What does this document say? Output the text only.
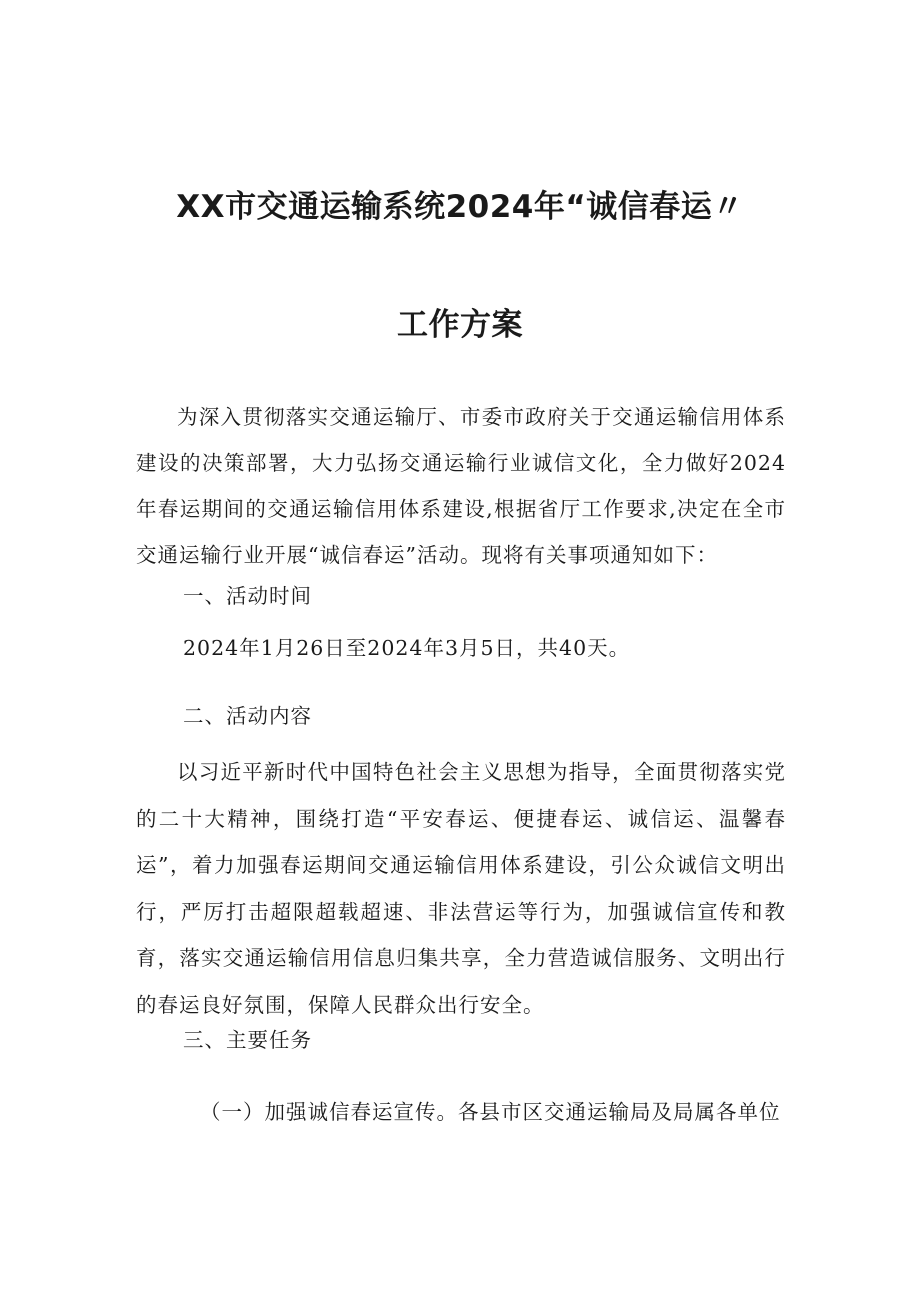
XX市交通运输系统2024年“诚信春运〃
工作方案

为深入贯彻落实交通运输厅、市委市政府关于交通运输信用体系建设的决策部署，大力弘扬交通运输行业诚信文化，全力做好2024年春运期间的交通运输信用体系建设,根据省厅工作要求,决定在全市交通运输行业开展“诚信春运”活动。现将有关事项通知如下：

一、活动时间

2024年1月26日至2024年3月5日，共40天。

二、活动内容

以习近平新时代中国特色社会主义思想为指导，全面贯彻落实党的二十大精神，围绕打造“平安春运、便捷春运、诚信运、温馨春运”，着力加强春运期间交通运输信用体系建设，引公众诚信文明出行，严厉打击超限超载超速、非法营运等行为，加强诚信宣传和教育，落实交通运输信用信息归集共享，全力营造诚信服务、文明出行的春运良好氛围，保障人民群众出行安全。

三、主要任务

（一）加强诚信春运宣传。各县市区交通运输局及局属各单位
